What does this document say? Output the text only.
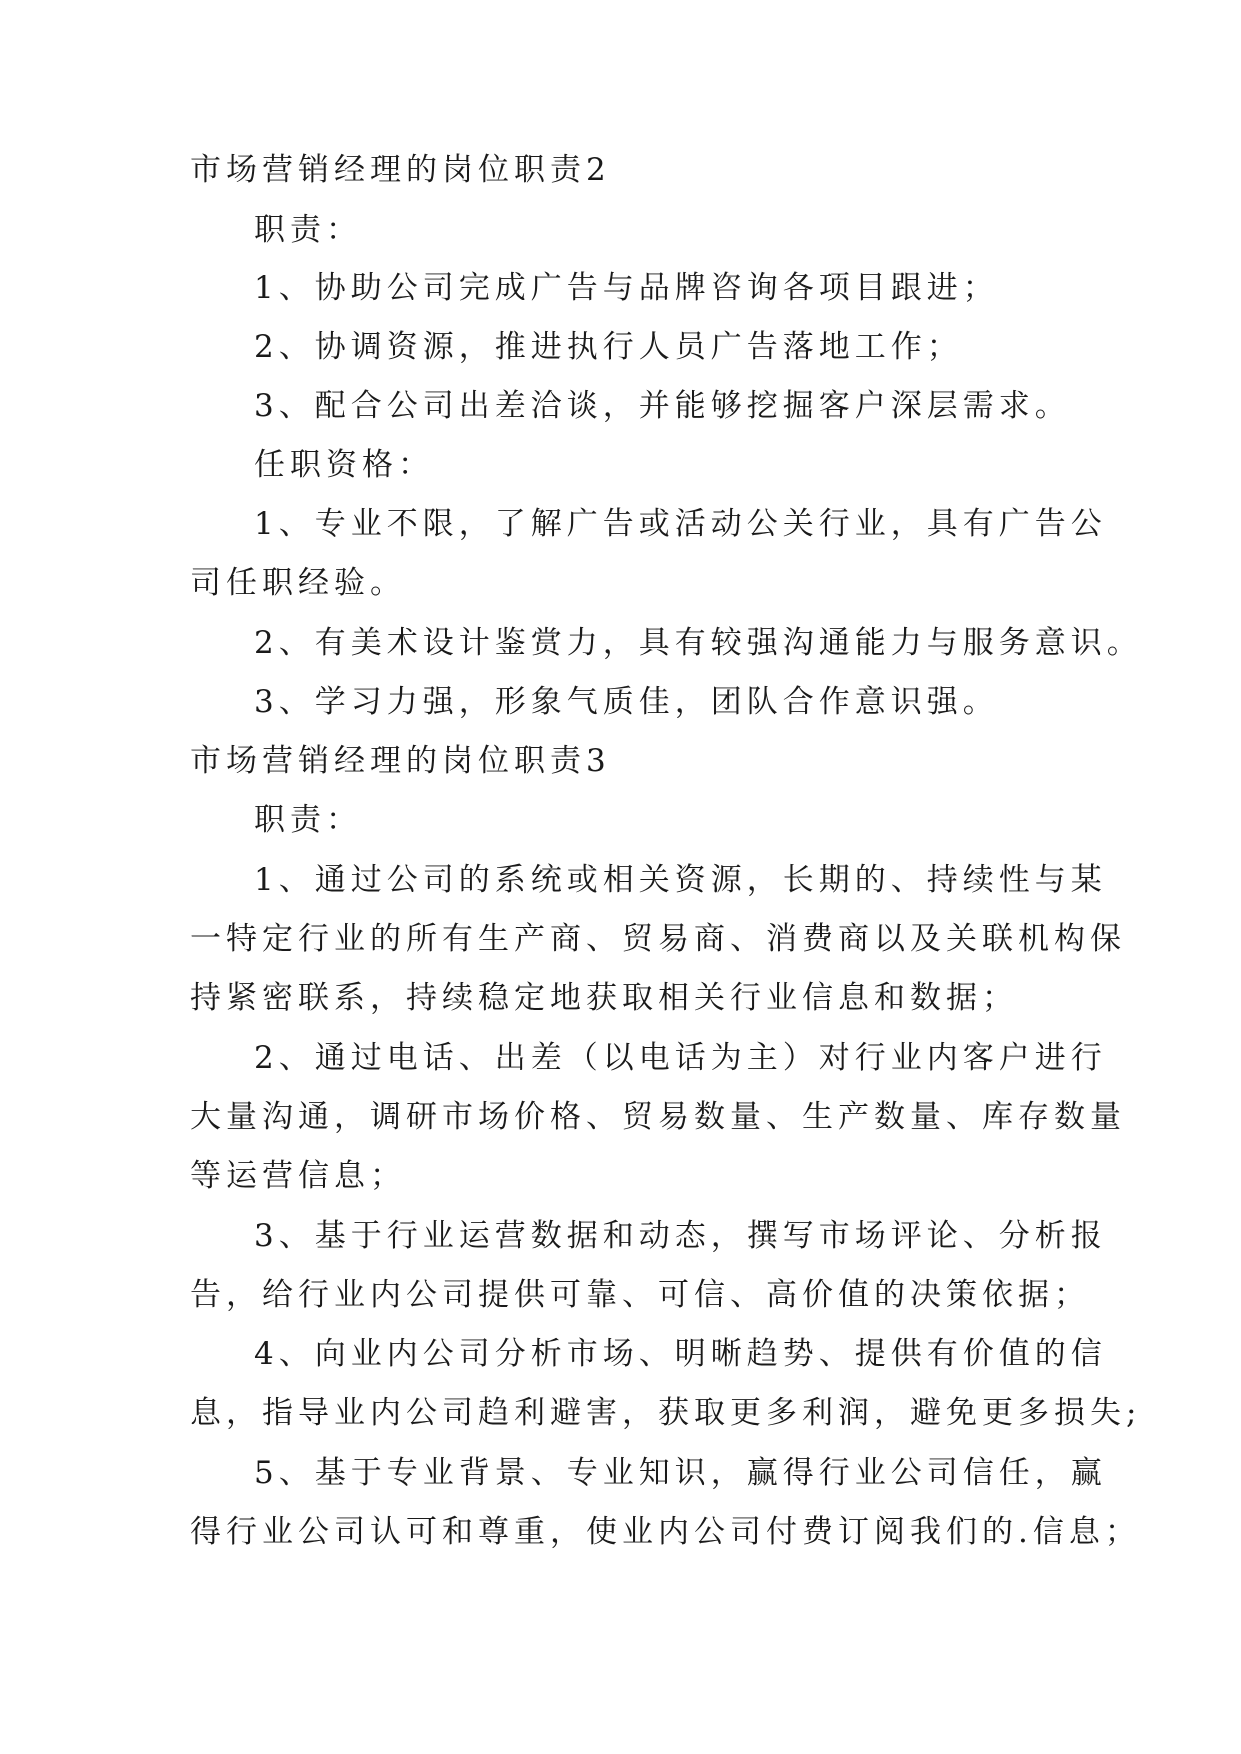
市场营销经理的岗位职责2
职责：
1、协助公司完成广告与品牌咨询各项目跟进；
2、协调资源，推进执行人员广告落地工作；
3、配合公司出差洽谈，并能够挖掘客户深层需求。
任职资格：
1、专业不限，了解广告或活动公关行业，具有广告公
司任职经验。
2、有美术设计鉴赏力，具有较强沟通能力与服务意识。
3、学习力强，形象气质佳，团队合作意识强。
市场营销经理的岗位职责3
职责：
1、通过公司的系统或相关资源，长期的、持续性与某
一特定行业的所有生产商、贸易商、消费商以及关联机构保
持紧密联系，持续稳定地获取相关行业信息和数据；
2、通过电话、出差（以电话为主）对行业内客户进行
大量沟通，调研市场价格、贸易数量、生产数量、库存数量
等运营信息；
3、基于行业运营数据和动态，撰写市场评论、分析报
告，给行业内公司提供可靠、可信、高价值的决策依据；
4、向业内公司分析市场、明晰趋势、提供有价值的信
息，指导业内公司趋利避害，获取更多利润，避免更多损失;
5、基于专业背景、专业知识，赢得行业公司信任，赢
得行业公司认可和尊重，使业内公司付费订阅我们的.信息；
